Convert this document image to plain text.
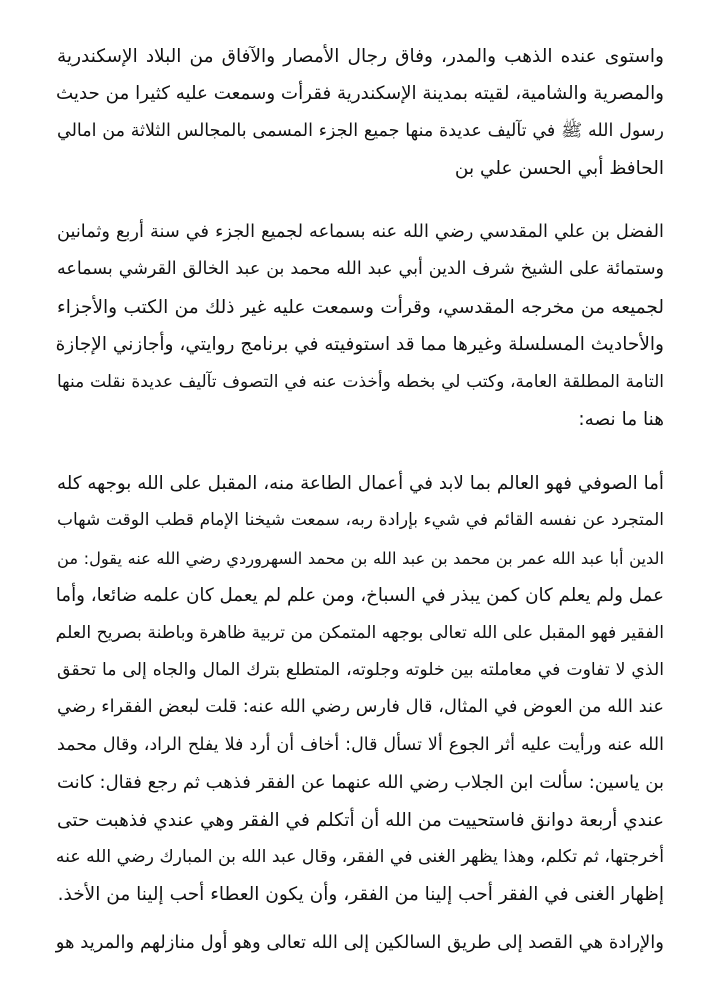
واستوى عنده الذهب والمدر، وفاق رجال الأمصار والآفاق من البلاد الإسكندرية
والمصرية والشامية، لقيته بمدينة الإسكندرية فقرأت وسمعت عليه كثيرا من حديث
رسول الله ﷺ في تآليف عديدة منها جميع الجزء المسمى بالمجالس الثلاثة من امالي
الحافظ أبي الحسن علي بن
الفضل بن علي المقدسي رضي الله عنه بسماعه لجميع الجزء في سنة أربع وثمانين
وستمائة على الشيخ شرف الدين أبي عبد الله محمد بن عبد الخالق القرشي بسماعه
لجميعه من مخرجه المقدسي، وقرأت وسمعت عليه غير ذلك من الكتب والأجزاء
والأحاديث المسلسلة وغيرها مما قد استوفيته في برنامج روايتي، وأجازني الإجازة
التامة المطلقة العامة، وكتب لي بخطه وأخذت عنه في التصوف تآليف عديدة نقلت منها
هنا ما نصه:
أما الصوفي فهو العالم بما لابد في أعمال الطاعة منه، المقبل على الله بوجهه كله
المتجرد عن نفسه القائم في شيء بإرادة ربه، سمعت شيخنا الإمام قطب الوقت شهاب
الدين أبا عبد الله عمر بن محمد بن عبد الله بن محمد السهروردي رضي الله عنه يقول: من
عمل ولم يعلم كان كمن يبذر في السباخ، ومن علم لم يعمل كان علمه ضائعا، وأما
الفقير فهو المقبل على الله تعالى بوجهه المتمكن من تربية ظاهرة وباطنة بصريح العلم
الذي لا تفاوت في معاملته بين خلوته وجلوته، المتطلع بترك المال والجاه إلى ما تحقق
عند الله من العوض في المثال، قال فارس رضي الله عنه: قلت لبعض الفقراء رضي
الله عنه ورأيت عليه أثر الجوع ألا تسأل قال: أخاف أن أرد فلا يفلح الراد، وقال محمد
بن ياسين: سألت ابن الجلاب رضي الله عنهما عن الفقر فذهب ثم رجع فقال: كانت
عندي أربعة دوانق فاستحييت من الله أن أتكلم في الفقر وهي عندي فذهبت حتى
أخرجتها، ثم تكلم، وهذا يظهر الغنى في الفقر، وقال عبد الله بن المبارك رضي الله عنه
إظهار الغنى في الفقر أحب إلينا من الفقر، وأن يكون العطاء أحب إلينا من الأخذ.
والإرادة هي القصد إلى طريق السالكين إلى الله تعالى وهو أول منازلهم والمريد هو
